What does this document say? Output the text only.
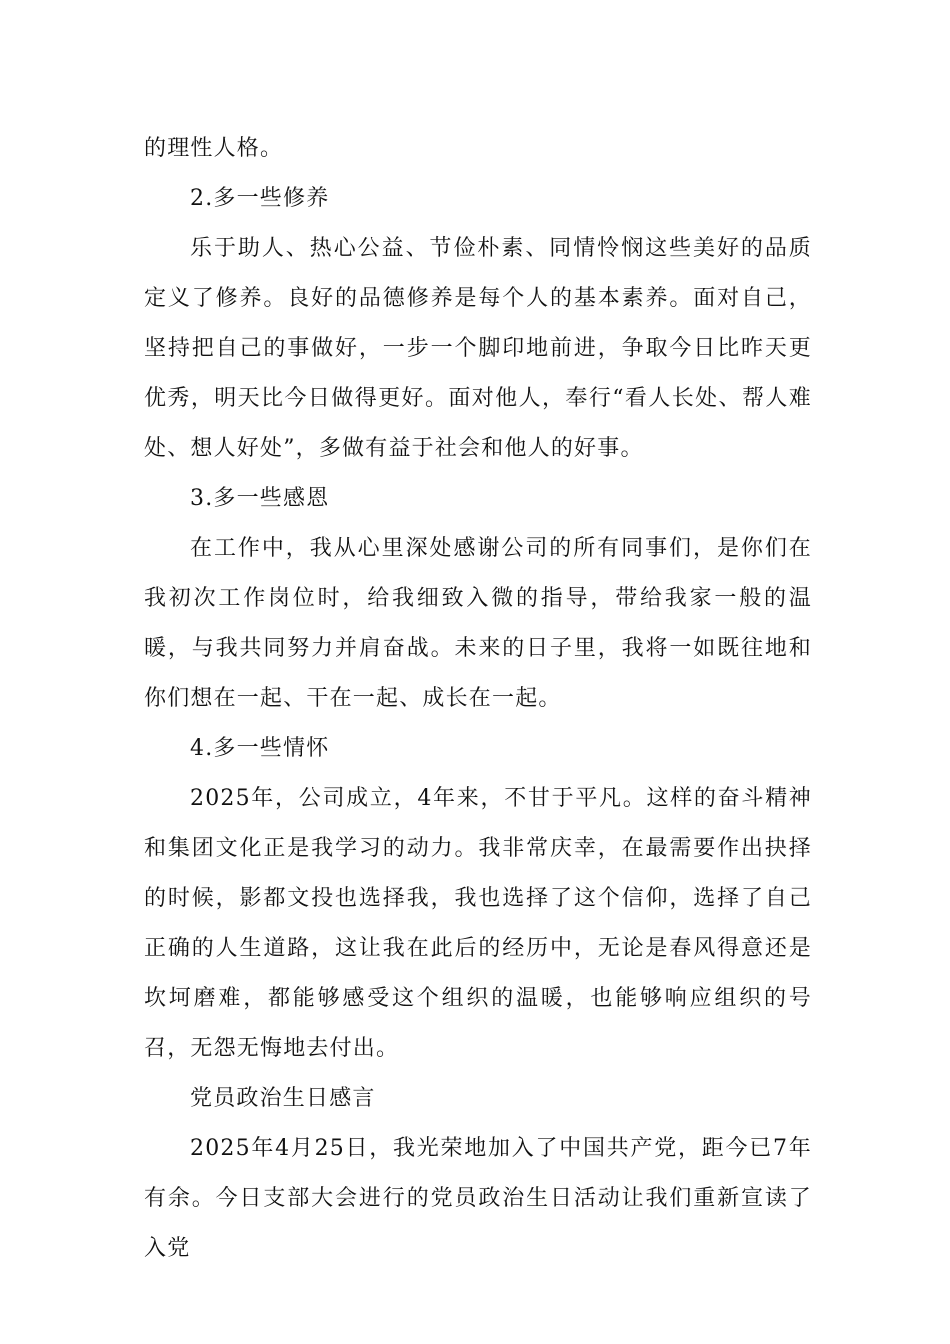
的理性人格。

2.多一些修养

乐于助人、热心公益、节俭朴素、同情怜悯这些美好的品质定义了修养。良好的品德修养是每个人的基本素养。面对自己，坚持把自己的事做好，一步一个脚印地前进，争取今日比昨天更优秀，明天比今日做得更好。面对他人，奉行“看人长处、帮人难处、想人好处”，多做有益于社会和他人的好事。

3.多一些感恩

在工作中，我从心里深处感谢公司的所有同事们，是你们在我初次工作岗位时，给我细致入微的指导，带给我家一般的温暖，与我共同努力并肩奋战。未来的日子里，我将一如既往地和你们想在一起、干在一起、成长在一起。

4.多一些情怀

2025年，公司成立，4年来，不甘于平凡。这样的奋斗精神和集团文化正是我学习的动力。我非常庆幸，在最需要作出抉择的时候，影都文投也选择我，我也选择了这个信仰，选择了自己正确的人生道路，这让我在此后的经历中，无论是春风得意还是坎坷磨难，都能够感受这个组织的温暖，也能够响应组织的号召，无怨无悔地去付出。

党员政治生日感言

2025年4月25日，我光荣地加入了中国共产党，距今已7年有余。今日支部大会进行的党员政治生日活动让我们重新宣读了入党
